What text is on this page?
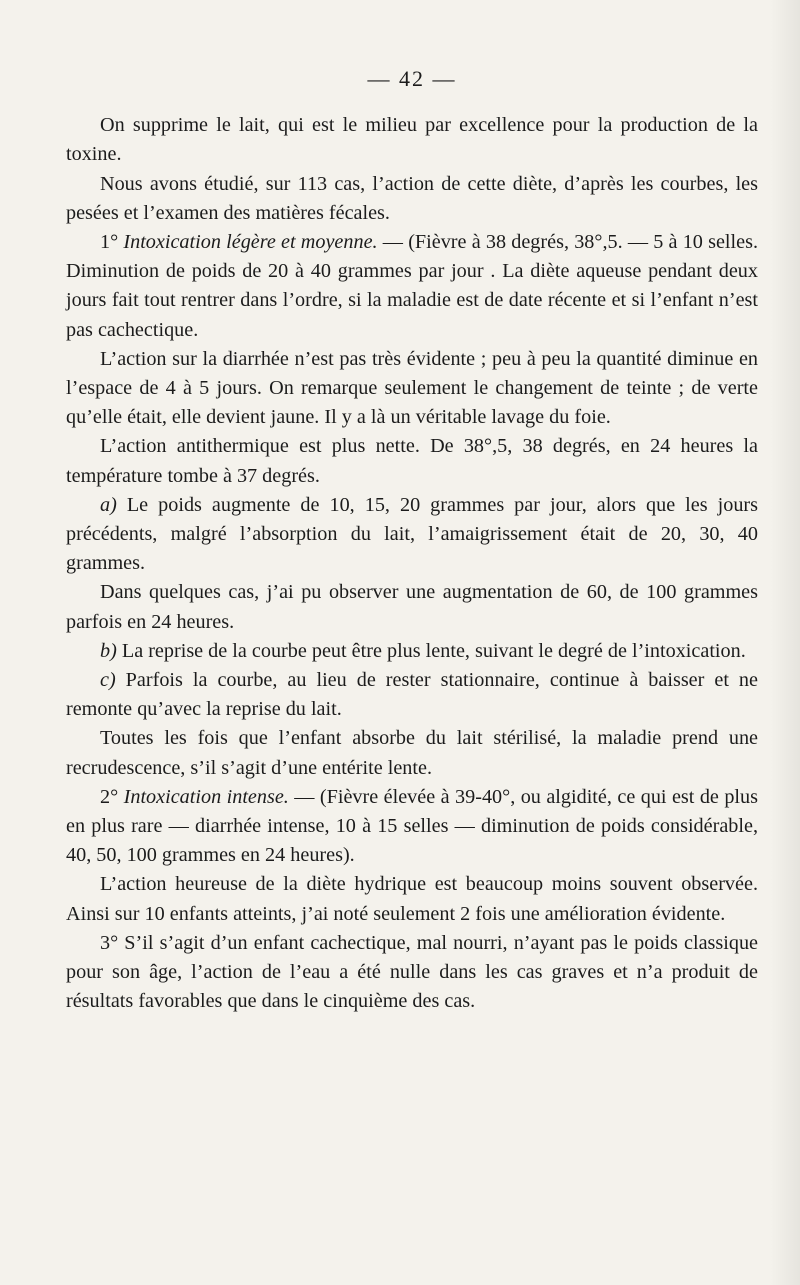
— 42 —

On supprime le lait, qui est le milieu par excellence pour la production de la toxine.

Nous avons étudié, sur 113 cas, l’action de cette diète, d’après les courbes, les pesées et l’examen des matières fécales.

1° Intoxication légère et moyenne. — (Fièvre à 38 degrés, 38°,5. — 5 à 10 selles. Diminution de poids de 20 à 40 grammes par jour . La diète aqueuse pendant deux jours fait tout rentrer dans l’ordre, si la maladie est de date récente et si l’enfant n’est pas cachectique.

L’action sur la diarrhée n’est pas très évidente ; peu à peu la quantité diminue en l’espace de 4 à 5 jours. On remarque seulement le changement de teinte ; de verte qu’elle était, elle devient jaune. Il y a là un véritable lavage du foie.

L’action antithermique est plus nette. De 38°,5, 38 degrés, en 24 heures la température tombe à 37 degrés.

a) Le poids augmente de 10, 15, 20 grammes par jour, alors que les jours précédents, malgré l’absorption du lait, l’amaigrissement était de 20, 30, 40 grammes.

Dans quelques cas, j’ai pu observer une augmentation de 60, de 100 grammes parfois en 24 heures.

b) La reprise de la courbe peut être plus lente, suivant le degré de l’intoxication.

c) Parfois la courbe, au lieu de rester stationnaire, continue à baisser et ne remonte qu’avec la reprise du lait.

Toutes les fois que l’enfant absorbe du lait stérilisé, la maladie prend une recrudescence, s’il s’agit d’une entérite lente.

2° Intoxication intense. — (Fièvre élevée à 39-40°, ou algidité, ce qui est de plus en plus rare — diarrhée intense, 10 à 15 selles — diminution de poids considérable, 40, 50, 100 grammes en 24 heures).

L’action heureuse de la diète hydrique est beaucoup moins souvent observée. Ainsi sur 10 enfants atteints, j’ai noté seulement 2 fois une amélioration évidente.

3° S’il s’agit d’un enfant cachectique, mal nourri, n’ayant pas le poids classique pour son âge, l’action de l’eau a été nulle dans les cas graves et n’a produit de résultats favorables que dans le cinquième des cas.
